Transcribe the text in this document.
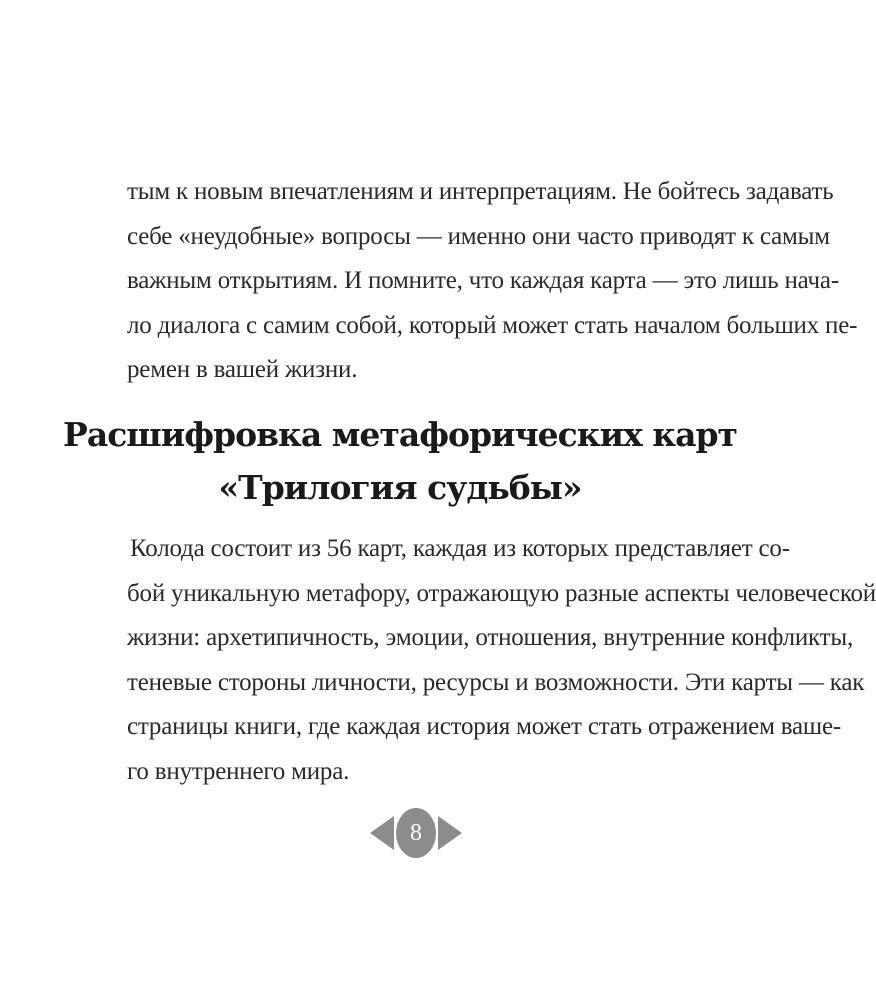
тым к новым впечатлениям и интерпретациям. Не бойтесь задавать
себе «неудобные» вопросы — именно они часто приводят к самым
важным открытиям. И помните, что каждая карта — это лишь нача-
ло диалога с самим собой, который может стать началом больших пе-
ремен в вашей жизни.

Расшифровка метафорических карт
«Трилогия судьбы»

Колода состоит из 56 карт, каждая из которых представляет со-
бой уникальную метафору, отражающую разные аспекты человеческой
жизни: архетипичность, эмоции, отношения, внутренние конфликты,
теневые стороны личности, ресурсы и возможности. Эти карты — как
страницы книги, где каждая история может стать отражением ваше-
го внутреннего мира.

8
